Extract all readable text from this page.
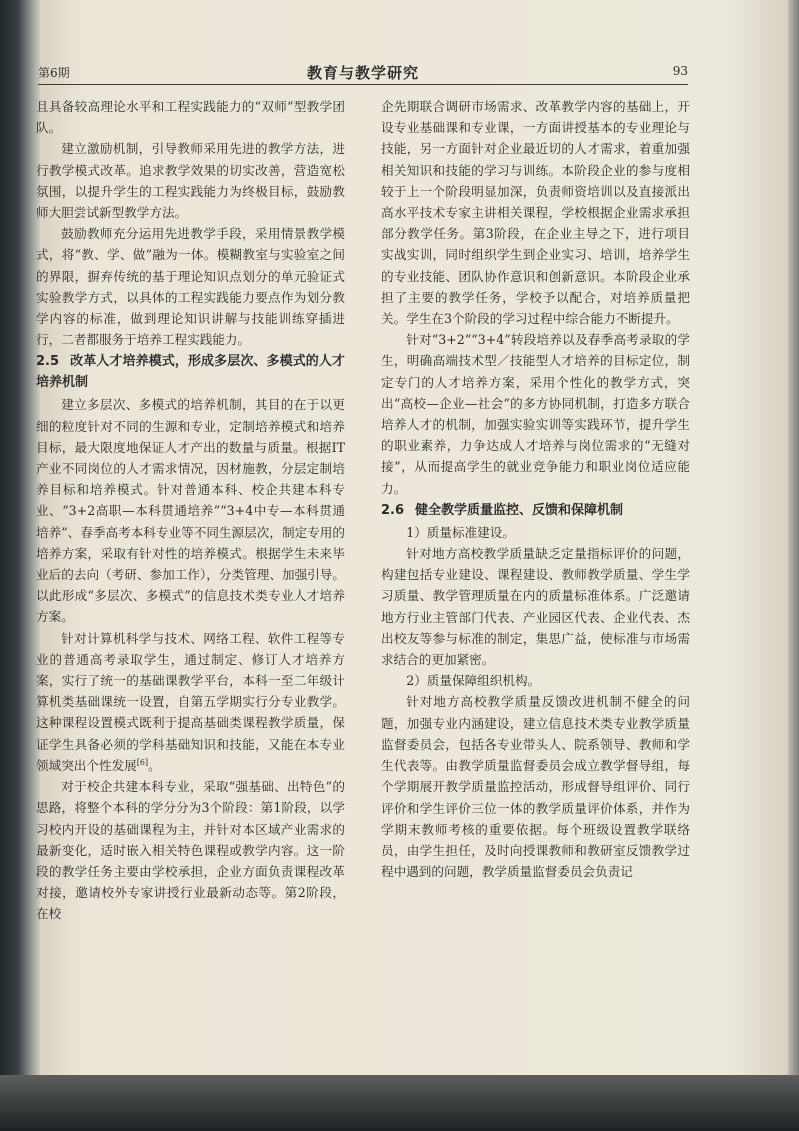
第6期	教育与教学研究	93

且具备较高理论水平和工程实践能力的“双师”型教学团队。

建立激励机制，引导教师采用先进的教学方法，进行教学模式改革。追求教学效果的切实改善，营造宽松氛围，以提升学生的工程实践能力为终极目标，鼓励教师大胆尝试新型教学方法。

鼓励教师充分运用先进教学手段，采用情景教学模式，将“教、学、做”融为一体。模糊教室与实验室之间的界限，摒弃传统的基于理论知识点划分的单元验证式实验教学方式，以具体的工程实践能力要点作为划分教学内容的标准，做到理论知识讲解与技能训练穿插进行，二者都服务于培养工程实践能力。

2.5 改革人才培养模式，形成多层次、多模式的人才培养机制

建立多层次、多模式的培养机制，其目的在于以更细的粒度针对不同的生源和专业，定制培养模式和培养目标，最大限度地保证人才产出的数量与质量。根据IT产业不同岗位的人才需求情况，因材施教，分层定制培养目标和培养模式。针对普通本科、校企共建本科专业、“3+2高职—本科贯通培养”“3+4中专—本科贯通培养”、春季高考本科专业等不同生源层次，制定专用的培养方案，采取有针对性的培养模式。根据学生未来毕业后的去向（考研、参加工作），分类管理、加强引导。以此形成“多层次、多模式”的信息技术类专业人才培养方案。

针对计算机科学与技术、网络工程、软件工程等专业的普通高考录取学生，通过制定、修订人才培养方案，实行了统一的基础课教学平台，本科一至二年级计算机类基础课统一设置，自第五学期实行分专业教学。这种课程设置模式既利于提高基础类课程教学质量，保证学生具备必须的学科基础知识和技能，又能在本专业领域突出个性发展[6]。

对于校企共建本科专业，采取“强基础、出特色”的思路，将整个本科的学分分为3个阶段：第1阶段，以学习校内开设的基础课程为主，并针对本区域产业需求的最新变化，适时嵌入相关特色课程或教学内容。这一阶段的教学任务主要由学校承担，企业方面负责课程改革对接，邀请校外专家讲授行业最新动态等。第2阶段，在校

企先期联合调研市场需求、改革教学内容的基础上，开设专业基础课和专业课，一方面讲授基本的专业理论与技能，另一方面针对企业最近切的人才需求，着重加强相关知识和技能的学习与训练。本阶段企业的参与度相较于上一个阶段明显加深，负责师资培训以及直接派出高水平技术专家主讲相关课程，学校根据企业需求承担部分教学任务。第3阶段，在企业主导之下，进行项目实战实训，同时组织学生到企业实习、培训，培养学生的专业技能、团队协作意识和创新意识。本阶段企业承担了主要的教学任务，学校予以配合，对培养质量把关。学生在3个阶段的学习过程中综合能力不断提升。

针对“3+2”“3+4”转段培养以及春季高考录取的学生，明确高端技术型／技能型人才培养的目标定位，制定专门的人才培养方案，采用个性化的教学方式，突出“高校—企业—社会”的多方协同机制，打造多方联合培养人才的机制，加强实验实训等实践环节，提升学生的职业素养，力争达成人才培养与岗位需求的“无缝对接”，从而提高学生的就业竞争能力和职业岗位适应能力。

2.6 健全教学质量监控、反馈和保障机制

1）质量标准建设。

针对地方高校教学质量缺乏定量指标评价的问题，构建包括专业建设、课程建设、教师教学质量、学生学习质量、教学管理质量在内的质量标准体系。广泛邀请地方行业主管部门代表、产业园区代表、企业代表、杰出校友等参与标准的制定，集思广益，使标准与市场需求结合的更加紧密。

2）质量保障组织机构。

针对地方高校教学质量反馈改进机制不健全的问题，加强专业内涵建设，建立信息技术类专业教学质量监督委员会，包括各专业带头人、院系领导、教师和学生代表等。由教学质量监督委员会成立教学督导组，每个学期展开教学质量监控活动，形成督导组评价、同行评价和学生评价三位一体的教学质量评价体系，并作为学期末教师考核的重要依据。每个班级设置教学联络员，由学生担任，及时向授课教师和教研室反馈教学过程中遇到的问题，教学质量监督委员会负责记
